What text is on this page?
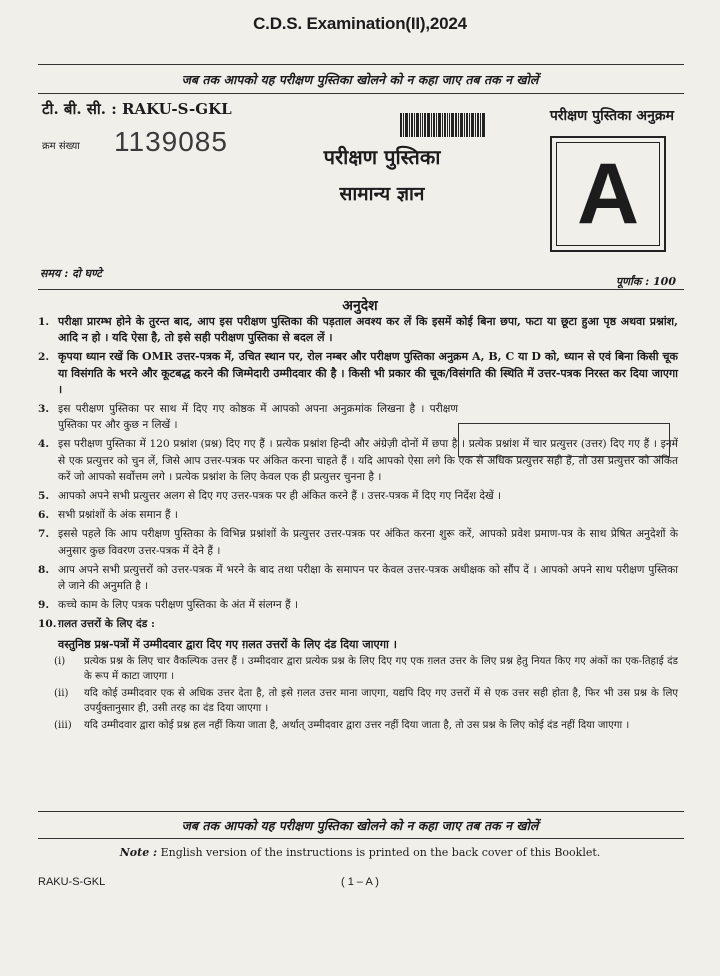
C.D.S. Examination(II),2024
जब तक आपको यह परीक्षण पुस्तिका खोलने को न कहा जाए तब तक न खोलें
टी. बी. सी. : RAKU-S-GKL
क्रम संख्या 1139085	परीक्षण पुस्तिका
सामान्य ज्ञान
परीक्षण पुस्तिका अनुक्रम
A
समय : दो घण्टे
पूर्णांक : 100
अनुदेश
1. परीक्षा प्रारम्भ होने के तुरन्त बाद, आप इस परीक्षण पुस्तिका की पड़ताल अवश्य कर लें कि इसमें कोई बिना छपा, फटा या छूटा हुआ पृष्ठ अथवा प्रश्नांश, आदि न हो । यदि ऐसा है, तो इसे सही परीक्षण पुस्तिका से बदल लें ।
2. कृपया ध्यान रखें कि OMR उत्तर-पत्रक में, उचित स्थान पर, रोल नम्बर और परीक्षण पुस्तिका अनुक्रम A, B, C या D को, ध्यान से एवं बिना किसी चूक या विसंगति के भरने और कूटबद्ध करने की जिम्मेदारी उम्मीदवार की है । किसी भी प्रकार की चूक/विसंगति की स्थिति में उत्तर-पत्रक निरस्त कर दिया जाएगा ।
3. इस परीक्षण पुस्तिका पर साथ में दिए गए कोष्ठक में आपको अपना अनुक्रमांक लिखना है । परीक्षण पुस्तिका पर और कुछ न लिखें ।
4. इस परीक्षण पुस्तिका में 120 प्रश्नांश (प्रश्न) दिए गए हैं । प्रत्येक प्रश्नांश हिन्दी और अंग्रेज़ी दोनों में छपा है । प्रत्येक प्रश्नांश में चार प्रत्युत्तर (उत्तर) दिए गए हैं । इनमें से एक प्रत्युत्तर को चुन लें, जिसे आप उत्तर-पत्रक पर अंकित करना चाहते हैं । यदि आपको ऐसा लगे कि एक से अधिक प्रत्युत्तर सही हैं, तो उस प्रत्युत्तर को अंकित करें जो आपको सर्वोत्तम लगे । प्रत्येक प्रश्नांश के लिए केवल एक ही प्रत्युत्तर चुनना है ।
5. आपको अपने सभी प्रत्युत्तर अलग से दिए गए उत्तर-पत्रक पर ही अंकित करने हैं । उत्तर-पत्रक में दिए गए निर्देश देखें ।
6. सभी प्रश्नांशों के अंक समान हैं ।
7. इससे पहले कि आप परीक्षण पुस्तिका के विभिन्न प्रश्नांशों के प्रत्युत्तर उत्तर-पत्रक पर अंकित करना शुरू करें, आपको प्रवेश प्रमाण-पत्र के साथ प्रेषित अनुदेशों के अनुसार कुछ विवरण उत्तर-पत्रक में देने हैं ।
8. आप अपने सभी प्रत्युत्तरों को उत्तर-पत्रक में भरने के बाद तथा परीक्षा के समापन पर केवल उत्तर-पत्रक अधीक्षक को सौंप दें । आपको अपने साथ परीक्षण पुस्तिका ले जाने की अनुमति है ।
9. कच्चे काम के लिए पत्रक परीक्षण पुस्तिका के अंत में संलग्न हैं ।
10. ग़लत उत्तरों के लिए दंड :
वस्तुनिष्ठ प्रश्न-पत्रों में उम्मीदवार द्वारा दिए गए ग़लत उत्तरों के लिए दंड दिया जाएगा ।
(i)	प्रत्येक प्रश्न के लिए चार वैकल्पिक उत्तर हैं । उम्मीदवार द्वारा प्रत्येक प्रश्न के लिए दिए गए एक ग़लत उत्तर के लिए प्रश्न हेतु नियत किए गए अंकों का एक-तिहाई दंड के रूप में काटा जाएगा ।
(ii)	यदि कोई उम्मीदवार एक से अधिक उत्तर देता है, तो इसे ग़लत उत्तर माना जाएगा, यद्यपि दिए गए उत्तरों में से एक उत्तर सही होता है, फिर भी उस प्रश्न के लिए उपर्युक्तानुसार ही, उसी तरह का दंड दिया जाएगा ।
(iii)	यदि उम्मीदवार द्वारा कोई प्रश्न हल नहीं किया जाता है, अर्थात् उम्मीदवार द्वारा उत्तर नहीं दिया जाता है, तो उस प्रश्न के लिए कोई दंड नहीं दिया जाएगा ।
जब तक आपको यह परीक्षण पुस्तिका खोलने को न कहा जाए तब तक न खोलें
Note : English version of the instructions is printed on the back cover of this Booklet.
RAKU-S-GKL	( 1 – A )
